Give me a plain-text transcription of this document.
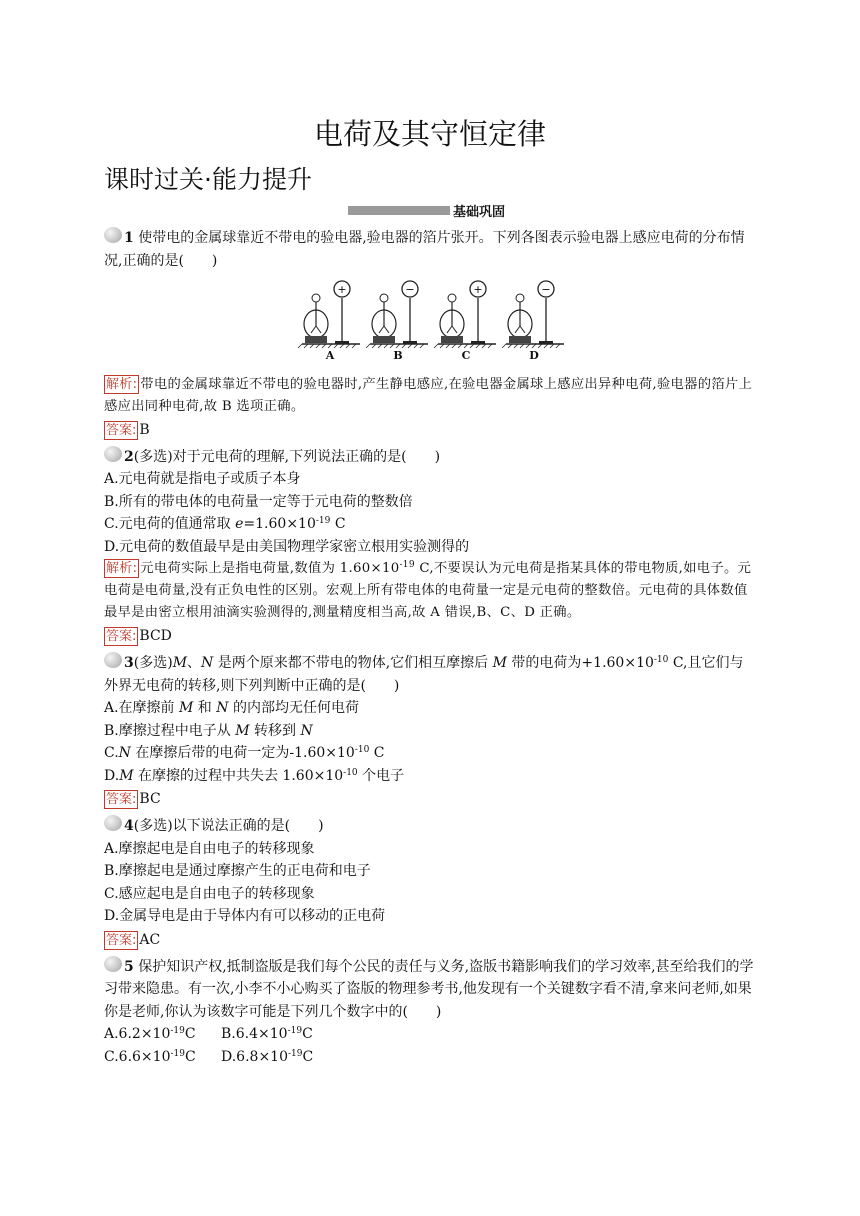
电荷及其守恒定律
课时过关·能力提升
基础巩固
1 使带电的金属球靠近不带电的验电器,验电器的箔片张开。下列各图表示验电器上感应电荷的分布情况,正确的是(　　)
+
A
−
B
+
C
−
D
解析: 带电的金属球靠近不带电的验电器时,产生静电感应,在验电器金属球上感应出异种电荷,验电器的箔片上感应出同种电荷,故 B 选项正确。
答案: B
2(多选)对于元电荷的理解,下列说法正确的是(　　)
A.元电荷就是指电子或质子本身
B.所有的带电体的电荷量一定等于元电荷的整数倍
C.元电荷的值通常取 $e=1.60\times 10^{-19}$ C
D.元电荷的数值最早是由美国物理学家密立根用实验测得的
解析: 元电荷实际上是指电荷量,数值为 $1.60\times 10^{-19}$ C,不要误认为元电荷是指某具体的带电物质,如电子。元电荷是电荷量,没有正负电性的区别。宏观上所有带电体的电荷量一定是元电荷的整数倍。元电荷的具体数值最早是由密立根用油滴实验测得的,测量精度相当高,故 A 错误,B、C、D 正确。
答案: BCD
3(多选)M、N 是两个原来都不带电的物体,它们相互摩擦后 M 带的电荷为$+1.60\times 10^{-10}$ C,且它们与外界无电荷的转移,则下列判断中正确的是(　　)
A.在摩擦前 M 和 N 的内部均无任何电荷
B.摩擦过程中电子从 M 转移到 N
C.N 在摩擦后带的电荷一定为$-1.60\times 10^{-10}$ C
D.M 在摩擦的过程中共失去 $1.60\times 10^{-10}$ 个电子
答案: BC
4(多选)以下说法正确的是(　　)
A.摩擦起电是自由电子的转移现象
B.摩擦起电是通过摩擦产生的正电荷和电子
C.感应起电是自由电子的转移现象
D.金属导电是由于导体内有可以移动的正电荷
答案: AC
5 保护知识产权,抵制盗版是我们每个公民的责任与义务,盗版书籍影响我们的学习效率,甚至给我们的学习带来隐患。有一次,小李不小心购买了盗版的物理参考书,他发现有一个关键数字看不清,拿来问老师,如果你是老师,你认为该数字可能是下列几个数字中的(　　)
$A.6.2\times 10^{-19}C$	$B.6.4\times 10^{-19}C$
$C.6.6\times 10^{-19}C$	$D.6.8\times 10^{-19}C$
